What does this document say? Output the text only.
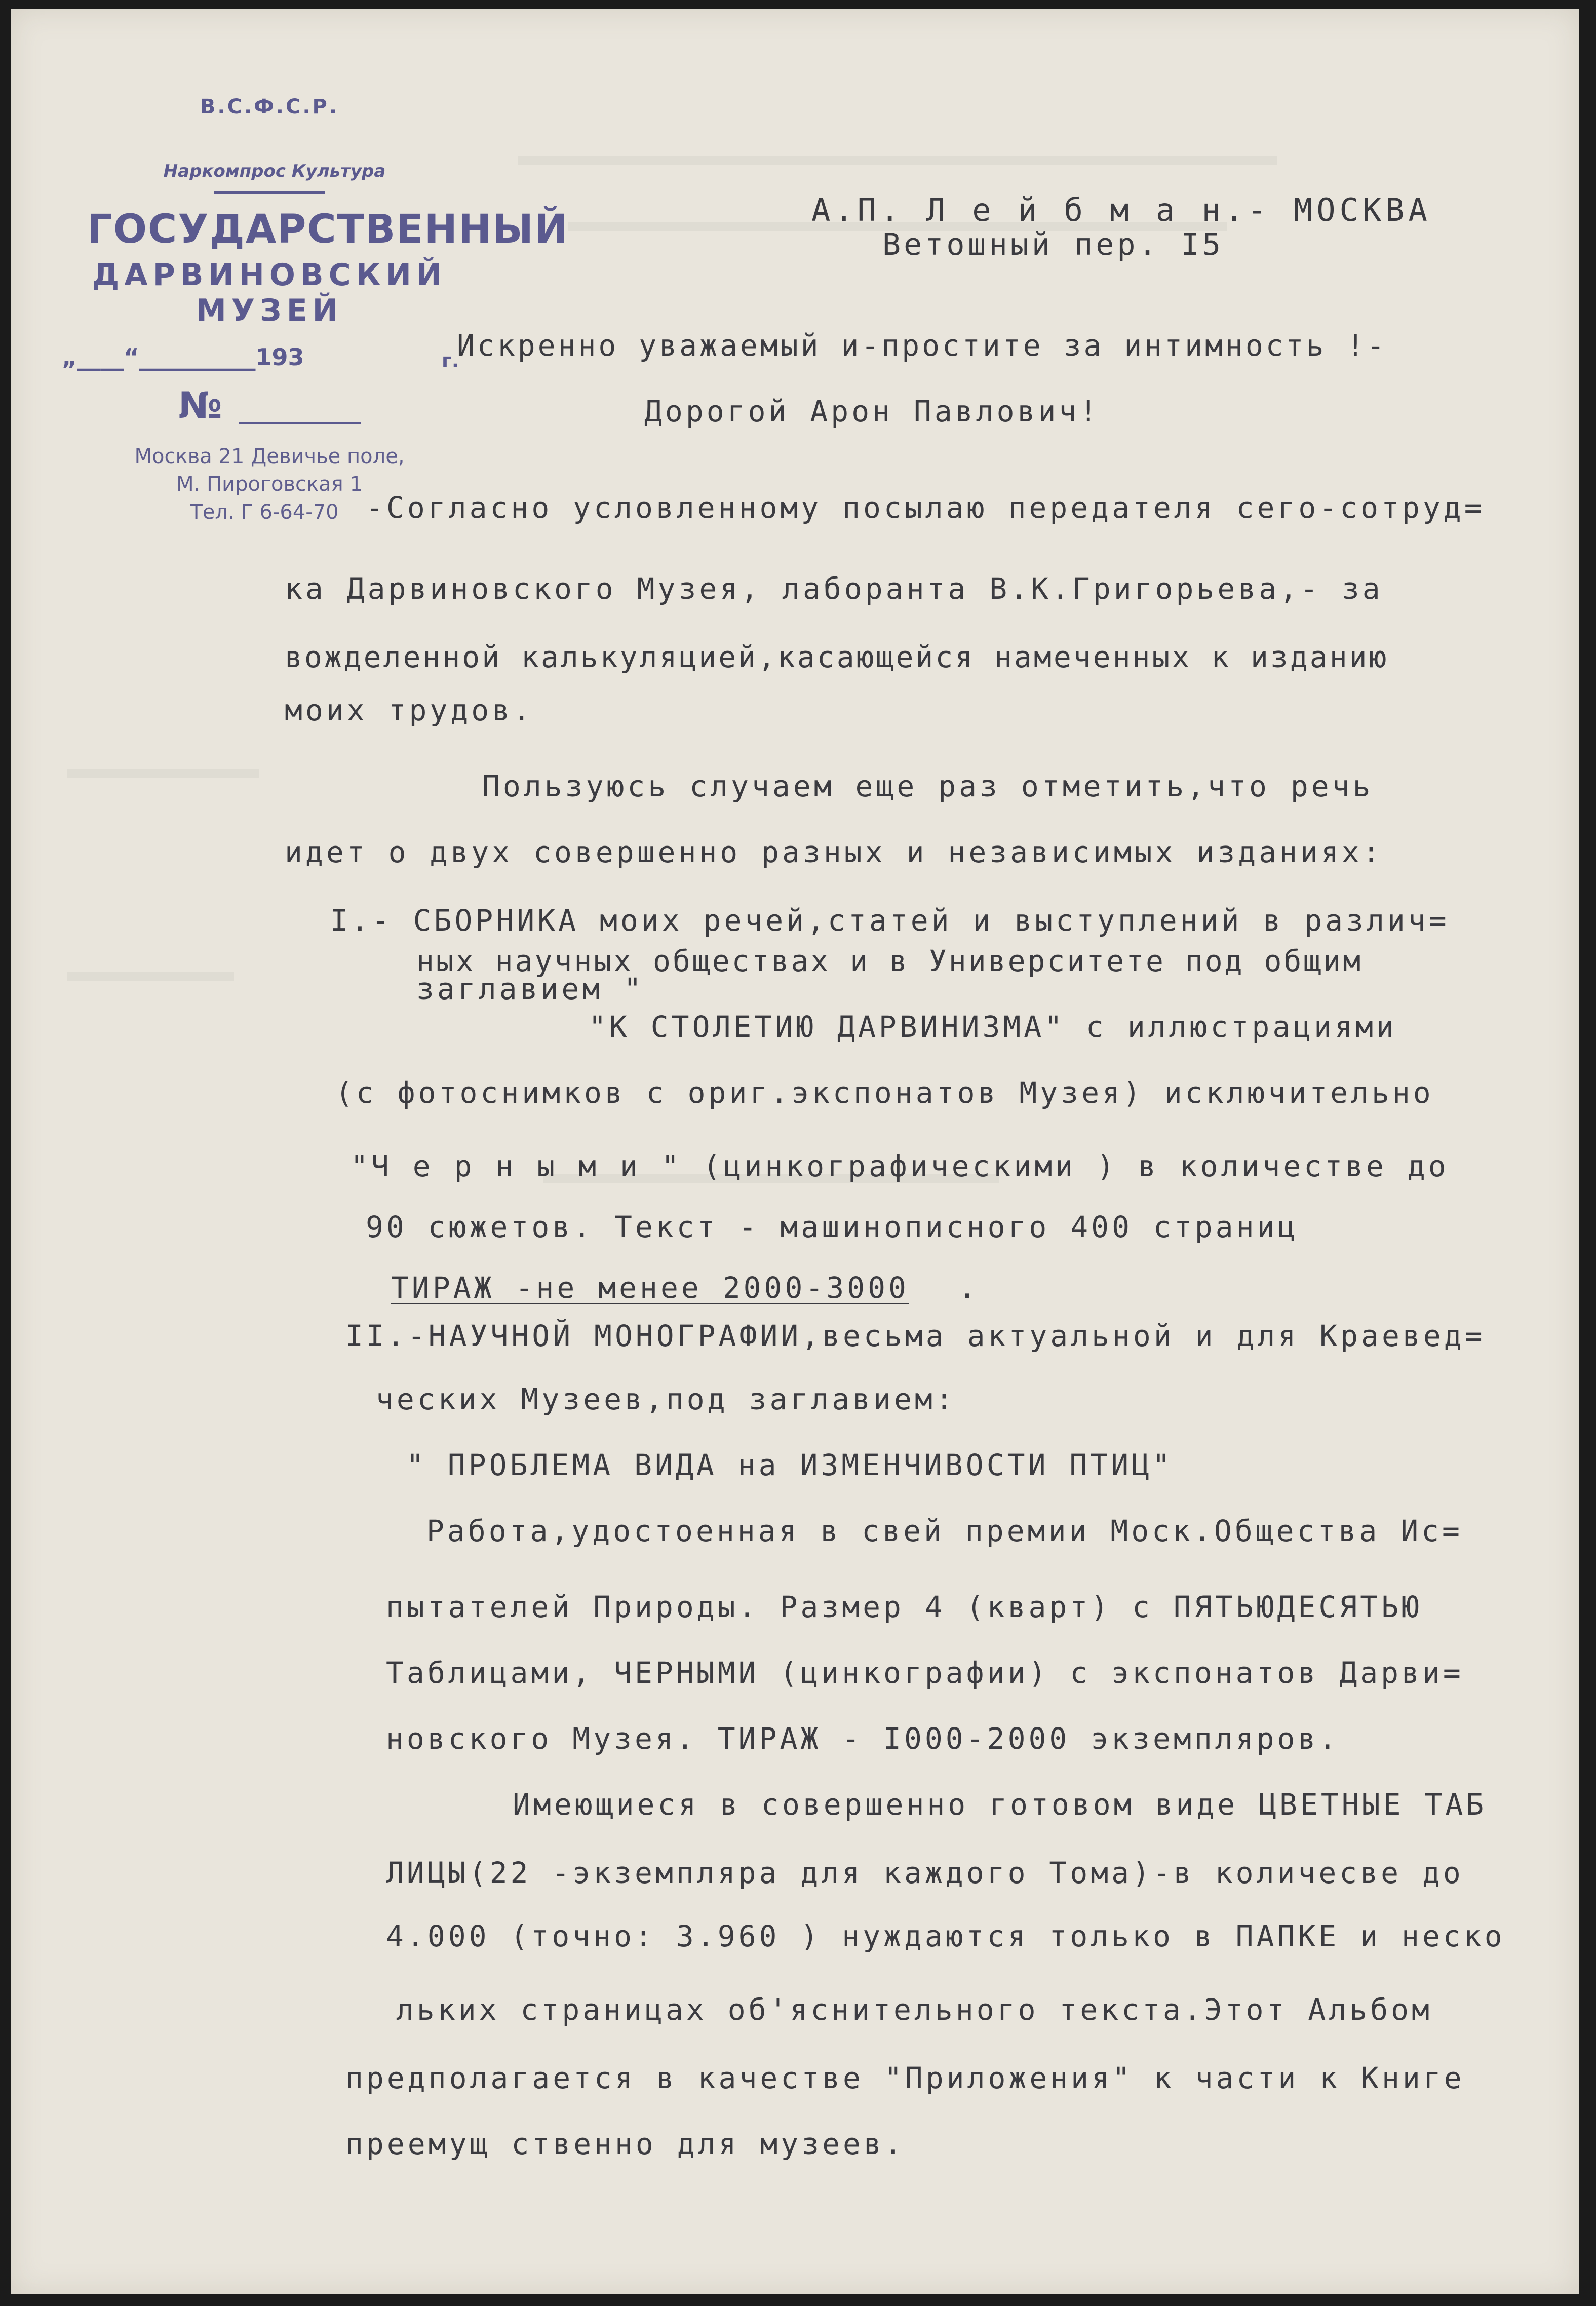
В.С.Ф.С.Р.
Наркомпрос Культура
ГОСУДАРСТВЕННЫЙ
ДАРВИНОВСКИЙ МУЗЕЙ
„____“__________193	г.
№
Москва 21 Девичье поле,
М. Пироговская 1
Тел. Г 6-64-70
А.П. Л е й б м а н.- МОСКВА
Ветошный пер. I5
Искренно уважаемый и-простите за интимность !-
Дорогой Арон Павлович!
-Согласно условленному посылаю передателя сего-сотруд=
ка Дарвиновского Музея, лаборанта В.К.Григорьева,- за
вожделенной калькуляцией,касающейся намеченных к изданию
моих трудов.
Пользуюсь случаем еще раз отметить,что речь
идет о двух совершенно разных и независимых изданиях:
I.- СБОРНИКА моих речей,статей и выступлений в различ=
ных научных обществах и в Университете под общим
заглавием "
"К СТОЛЕТИЮ ДАРВИНИЗМА" с иллюстрациями
(с фотоснимков с ориг.экспонатов Музея) исключительно
"Ч е р н ы м и " (цинкографическими ) в количестве до
90 сюжетов. Текст - машинописного 400 страниц
ТИРАЖ -не менее 2000-3000 .
II.-НАУЧНОЙ МОНОГРАФИИ,весьма актуальной и для Краевед=
ческих Музеев,под заглавием:
" ПРОБЛЕМА ВИДА на ИЗМЕНЧИВОСТИ ПТИЦ"
Работа,удостоенная в свей премии Моск.Общества Ис=
пытателей Природы. Размер 4 (кварт) с ПЯТЬЮДЕСЯТЬЮ
Таблицами, ЧЕРНЫМИ (цинкографии) с экспонатов Дарви=
новского Музея. ТИРАЖ - I000-2000 экземпляров.
Имеющиеся в совершенно готовом виде ЦВЕТНЫЕ ТАБ
ЛИЦЫ(22 -экземпляра для каждого Тома)-в количесве до
4.000 (точно: 3.960 ) нуждаются только в ПАПКЕ и неско
льких страницах об'яснительного текста.Этот Альбом
предполагается в качестве "Приложения" к части к Книге
преемущ ственно для музеев.
